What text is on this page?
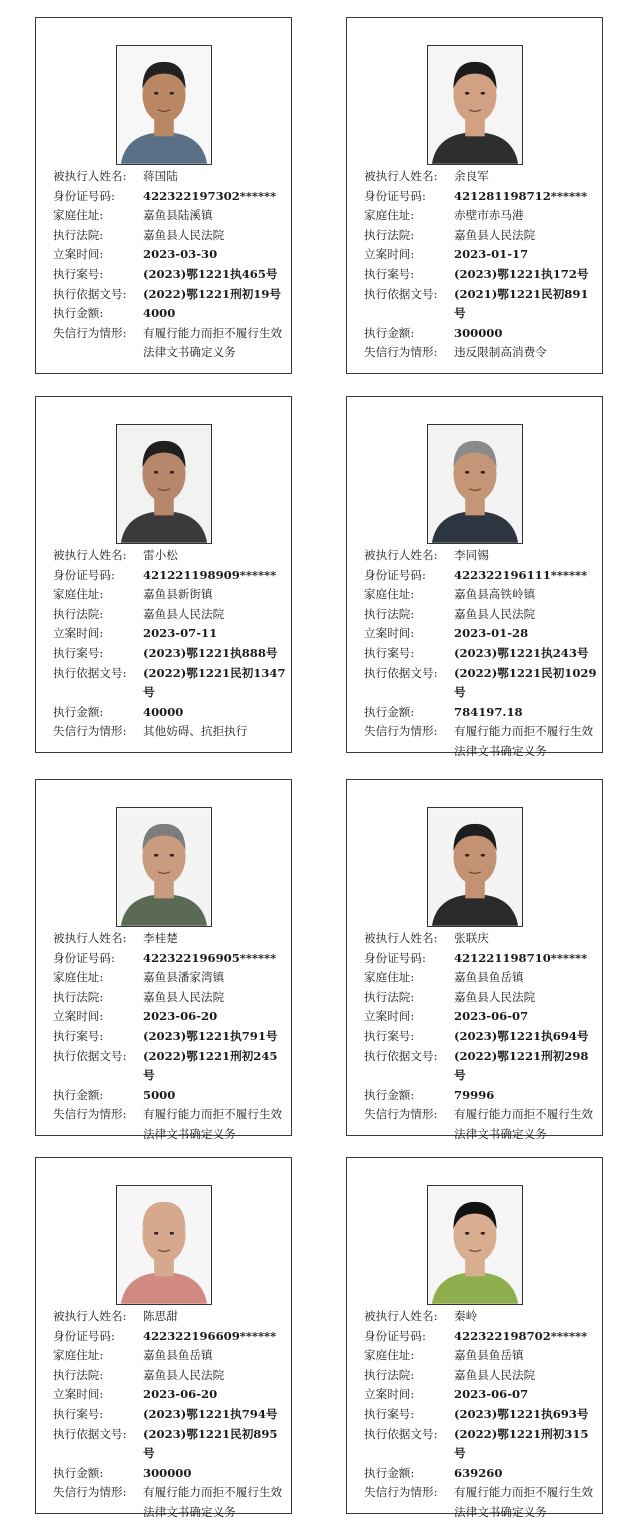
被执行人姓名:	蒋国陆
身份证号码:	422322197302******
家庭住址:	嘉鱼县陆溪镇
执行法院:	嘉鱼县人民法院
立案时间:	2023-03-30
执行案号:	(2023)鄂1221执465号
执行依据文号:	(2022)鄂1221刑初19号
执行金额:	4000
失信行为情形:	有履行能力而拒不履行生效法律文书确定义务
被执行人姓名:	余良军
身份证号码:	421281198712******
家庭住址:	赤壁市赤马港
执行法院:	嘉鱼县人民法院
立案时间:	2023-01-17
执行案号:	(2023)鄂1221执172号
执行依据文号:	(2021)鄂1221民初891号
执行金额:	300000
失信行为情形:	违反限制高消费令
被执行人姓名:	雷小松
身份证号码:	421221198909******
家庭住址:	嘉鱼县新街镇
执行法院:	嘉鱼县人民法院
立案时间:	2023-07-11
执行案号:	(2023)鄂1221执888号
执行依据文号:	(2022)鄂1221民初1347号
执行金额:	40000
失信行为情形:	其他妨碍、抗拒执行
被执行人姓名:	李同锡
身份证号码:	422322196111******
家庭住址:	嘉鱼县高铁岭镇
执行法院:	嘉鱼县人民法院
立案时间:	2023-01-28
执行案号:	(2023)鄂1221执243号
执行依据文号:	(2022)鄂1221民初1029号
执行金额:	784197.18
失信行为情形:	有履行能力而拒不履行生效法律文书确定义务
被执行人姓名:	李桂楚
身份证号码:	422322196905******
家庭住址:	嘉鱼县潘家湾镇
执行法院:	嘉鱼县人民法院
立案时间:	2023-06-20
执行案号:	(2023)鄂1221执791号
执行依据文号:	(2022)鄂1221刑初245号
执行金额:	5000
失信行为情形:	有履行能力而拒不履行生效法律文书确定义务
被执行人姓名:	张联庆
身份证号码:	421221198710******
家庭住址:	嘉鱼县鱼岳镇
执行法院:	嘉鱼县人民法院
立案时间:	2023-06-07
执行案号:	(2023)鄂1221执694号
执行依据文号:	(2022)鄂1221刑初298号
执行金额:	79996
失信行为情形:	有履行能力而拒不履行生效法律文书确定义务
被执行人姓名:	陈思甜
身份证号码:	422322196609******
家庭住址:	嘉鱼县鱼岳镇
执行法院:	嘉鱼县人民法院
立案时间:	2023-06-20
执行案号:	(2023)鄂1221执794号
执行依据文号:	(2023)鄂1221民初895号
执行金额:	300000
失信行为情形:	有履行能力而拒不履行生效法律文书确定义务
被执行人姓名:	秦岭
身份证号码:	422322198702******
家庭住址:	嘉鱼县鱼岳镇
执行法院:	嘉鱼县人民法院
立案时间:	2023-06-07
执行案号:	(2023)鄂1221执693号
执行依据文号:	(2022)鄂1221刑初315号
执行金额:	639260
失信行为情形:	有履行能力而拒不履行生效法律文书确定义务
